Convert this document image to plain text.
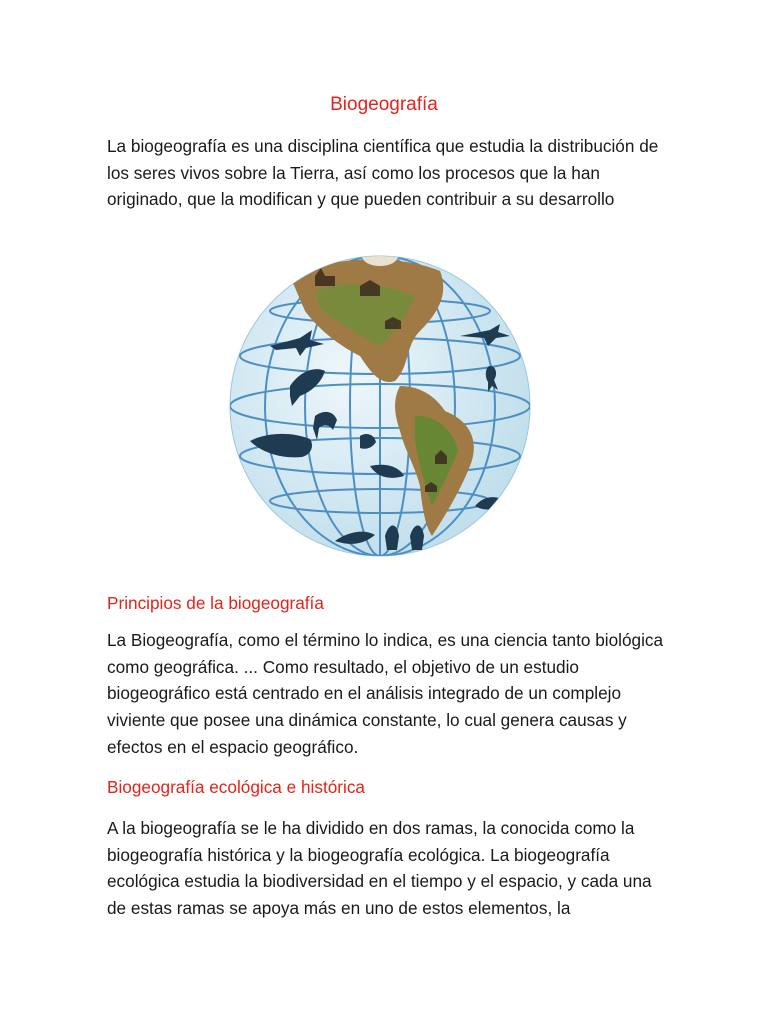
Biogeografía

La biogeografía es una disciplina científica que estudia la distribución de los seres vivos sobre la Tierra, así como los procesos que la han originado, que la modifican y que pueden contribuir a su desarrollo

Principios de la biogeografía

La Biogeografía, como el término lo indica, es una ciencia tanto biológica como geográfica. ... Como resultado, el objetivo de un estudio biogeográfico está centrado en el análisis integrado de un complejo viviente que posee una dinámica constante, lo cual genera causas y efectos en el espacio geográfico.

Biogeografía ecológica e histórica

A la biogeografía se le ha dividido en dos ramas, la conocida como la biogeografía histórica y la biogeografía ecológica. La biogeografía ecológica estudia la biodiversidad en el tiempo y el espacio, y cada una de estas ramas se apoya más en uno de estos elementos, la
